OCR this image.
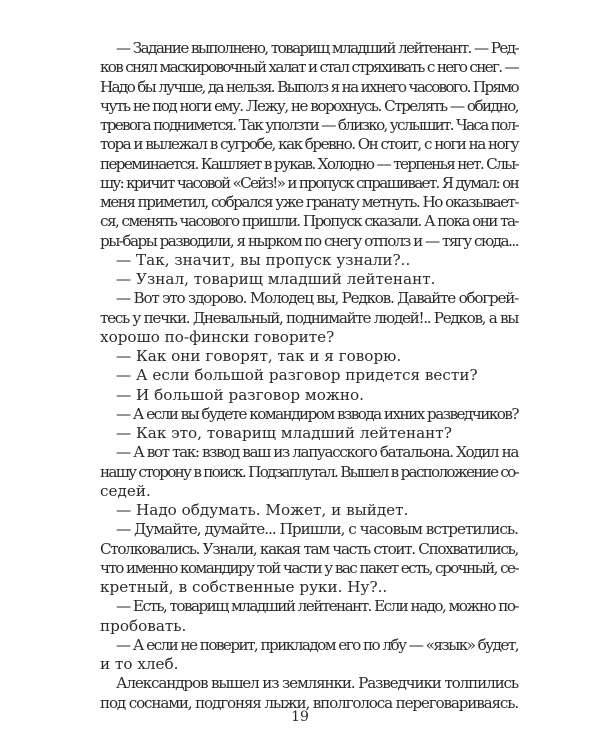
— Задание выполнено, товарищ младший лейтенант. — Ред-
ков снял маскировочный халат и стал стряхивать с него снег. —
Надо бы лучше, да нельзя. Выполз я на ихнего часового. Прямо
чуть не под ноги ему. Лежу, не ворохнусь. Стрелять — обидно,
тревога поднимется. Так уползти — близко, услышит. Часа пол-
тора и вылежал в сугробе, как бревно. Он стоит, с ноги на ногу
переминается. Кашляет в рукав. Холодно — терпенья нет. Слы-
шу: кричит часовой «Сейз!» и пропуск спрашивает. Я думал: он
меня приметил, собрался уже гранату метнуть. Но оказывает-
ся, сменять часового пришли. Пропуск сказали. А пока они та-
ры-бары разводили, я нырком по снегу отполз и — тягу сюда...
— Так, значит, вы пропуск узнали?..
— Узнал, товарищ младший лейтенант.
— Вот это здорово. Молодец вы, Редков. Давайте обогрей-
тесь у печки. Дневальный, поднимайте людей!.. Редков, а вы
хорошо по-фински говорите?
— Как они говорят, так и я говорю.
— А если большой разговор придется вести?
— И большой разговор можно.
— А если вы будете командиром взвода ихних разведчиков?
— Как это, товарищ младший лейтенант?
— А вот так: взвод ваш из лапуасского батальона. Ходил на
нашу сторону в поиск. Подзаплутал. Вышел в расположение со-
седей.
— Надо обдумать. Может, и выйдет.
— Думайте, думайте... Пришли, с часовым встретились.
Столковались. Узнали, какая там часть стоит. Спохватились,
что именно командиру той части у вас пакет есть, срочный, се-
кретный, в собственные руки. Ну?..
— Есть, товарищ младший лейтенант. Если надо, можно по-
пробовать.
— А если не поверит, прикладом его по лбу — «язык» будет,
и то хлеб.
Александров вышел из землянки. Разведчики толпились
под соснами, подгоняя лыжи, вполголоса переговариваясь.
19
